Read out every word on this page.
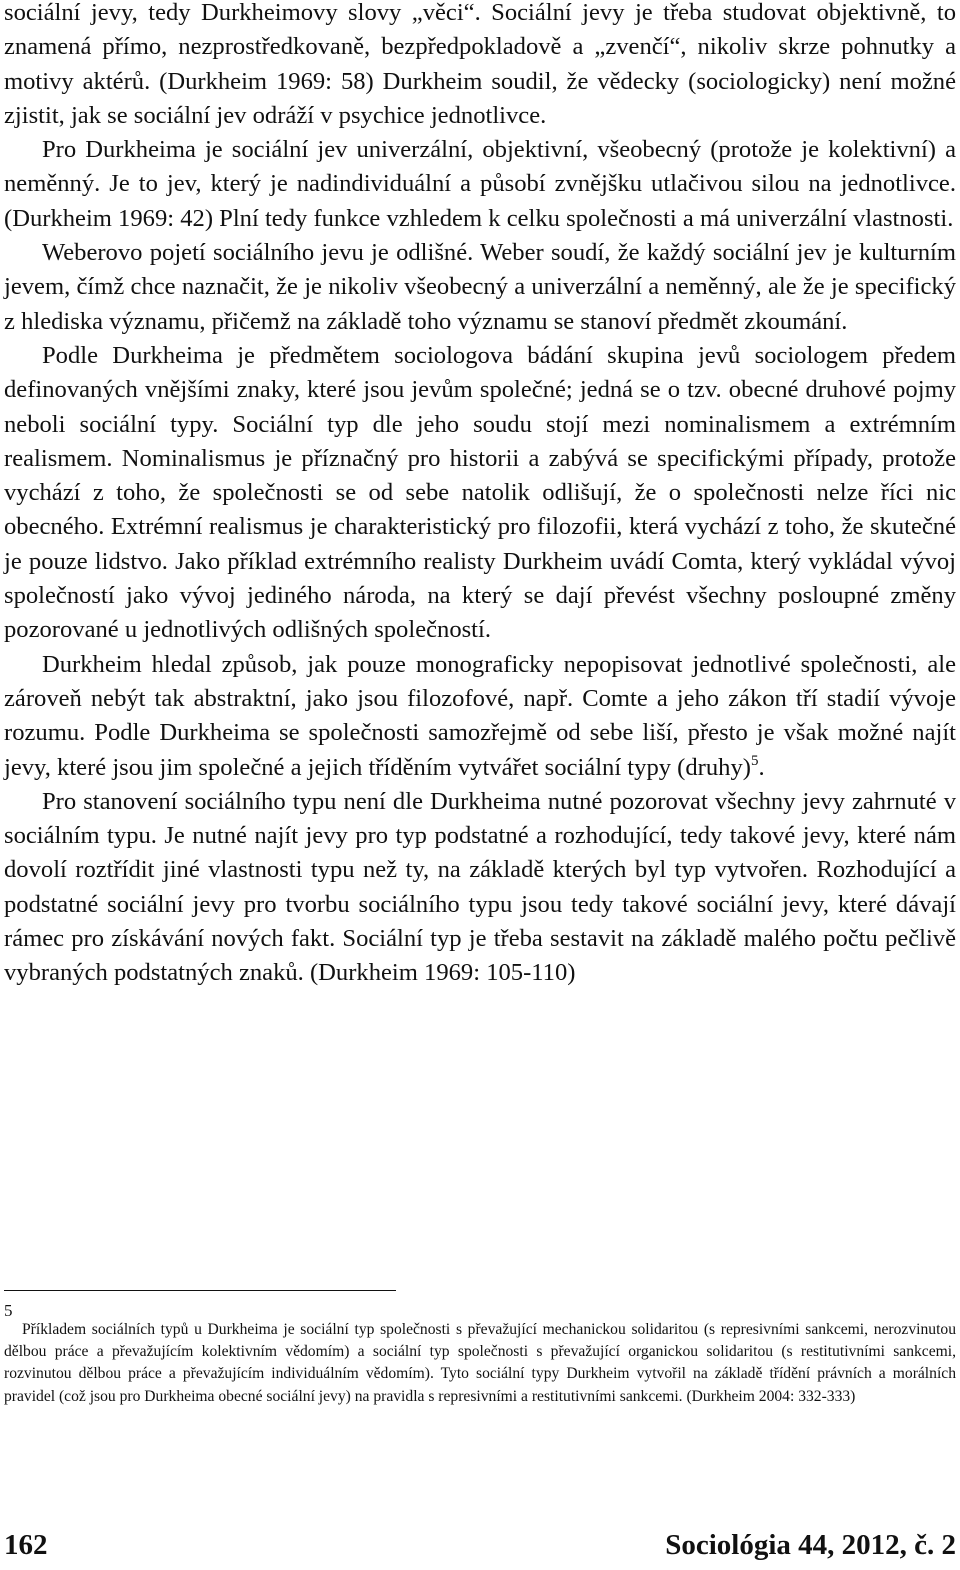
sociální jevy, tedy Durkheimovy slovy „věci“. Sociální jevy je třeba studovat objektivně, to znamená přímo, nezprostředkovaně, bezpředpokladově a „zvenčí“, nikoliv skrze pohnutky a motivy aktérů. (Durkheim 1969: 58) Durkheim soudil, že vědecky (sociologicky) není možné zjistit, jak se sociální jev odráží v psychice jednotlivce.

Pro Durkheima je sociální jev univerzální, objektivní, všeobecný (protože je kolektivní) a neměnný. Je to jev, který je nadindividuální a působí zvnějšku utlačivou silou na jednotlivce. (Durkheim 1969: 42) Plní tedy funkce vzhledem k celku společnosti a má univerzální vlastnosti.

Weberovo pojetí sociálního jevu je odlišné. Weber soudí, že každý sociální jev je kulturním jevem, čímž chce naznačit, že je nikoliv všeobecný a univerzální a neměnný, ale že je specifický z hlediska významu, přičemž na základě toho významu se stanoví předmět zkoumání.

Podle Durkheima je předmětem sociologova bádání skupina jevů sociologem předem definovaných vnějšími znaky, které jsou jevům společné; jedná se o tzv. obecné druhové pojmy neboli sociální typy. Sociální typ dle jeho soudu stojí mezi nominalismem a extrémním realismem. Nominalismus je příznačný pro historii a zabývá se specifickými případy, protože vychází z toho, že společnosti se od sebe natolik odlišují, že o společnosti nelze říci nic obecného. Extrémní realismus je charakteristický pro filozofii, která vychází z toho, že skutečné je pouze lidstvo. Jako příklad extrémního realisty Durkheim uvádí Comta, který vykládal vývoj společností jako vývoj jediného národa, na který se dají převést všechny posloupné změny pozorované u jednotlivých odlišných společností.

Durkheim hledal způsob, jak pouze monograficky nepopisovat jednotlivé společnosti, ale zároveň nebýt tak abstraktní, jako jsou filozofové, např. Comte a jeho zákon tří stadií vývoje rozumu. Podle Durkheima se společnosti samozřejmě od sebe liší, přesto je však možné najít jevy, které jsou jim společné a jejich tříděním vytvářet sociální typy (druhy)$^5$.

Pro stanovení sociálního typu není dle Durkheima nutné pozorovat všechny jevy zahrnuté v sociálním typu. Je nutné najít jevy pro typ podstatné a rozhodující, tedy takové jevy, které nám dovolí roztřídit jiné vlastnosti typu než ty, na základě kterých byl typ vytvořen. Rozhodující a podstatné sociální jevy pro tvorbu sociálního typu jsou tedy takové sociální jevy, které dávají rámec pro získávání nových fakt. Sociální typ je třeba sestavit na základě malého počtu pečlivě vybraných podstatných znaků. (Durkheim 1969: 105-110)

5
Příkladem sociálních typů u Durkheima je sociální typ společnosti s převažující mechanickou solidaritou (s represivními sankcemi, nerozvinutou dělbou práce a převažujícím kolektivním vědomím) a sociální typ společnosti s převažující organickou solidaritou (s restitutivními sankcemi, rozvinutou dělbou práce a převažujícím individuálním vědomím). Tyto sociální typy Durkheim vytvořil na základě třídění právních a morálních pravidel (což jsou pro Durkheima obecné sociální jevy) na pravidla s represivními a restitutivními sankcemi. (Durkheim 2004: 332-333)
162	Sociológia 44, 2012, č. 2
